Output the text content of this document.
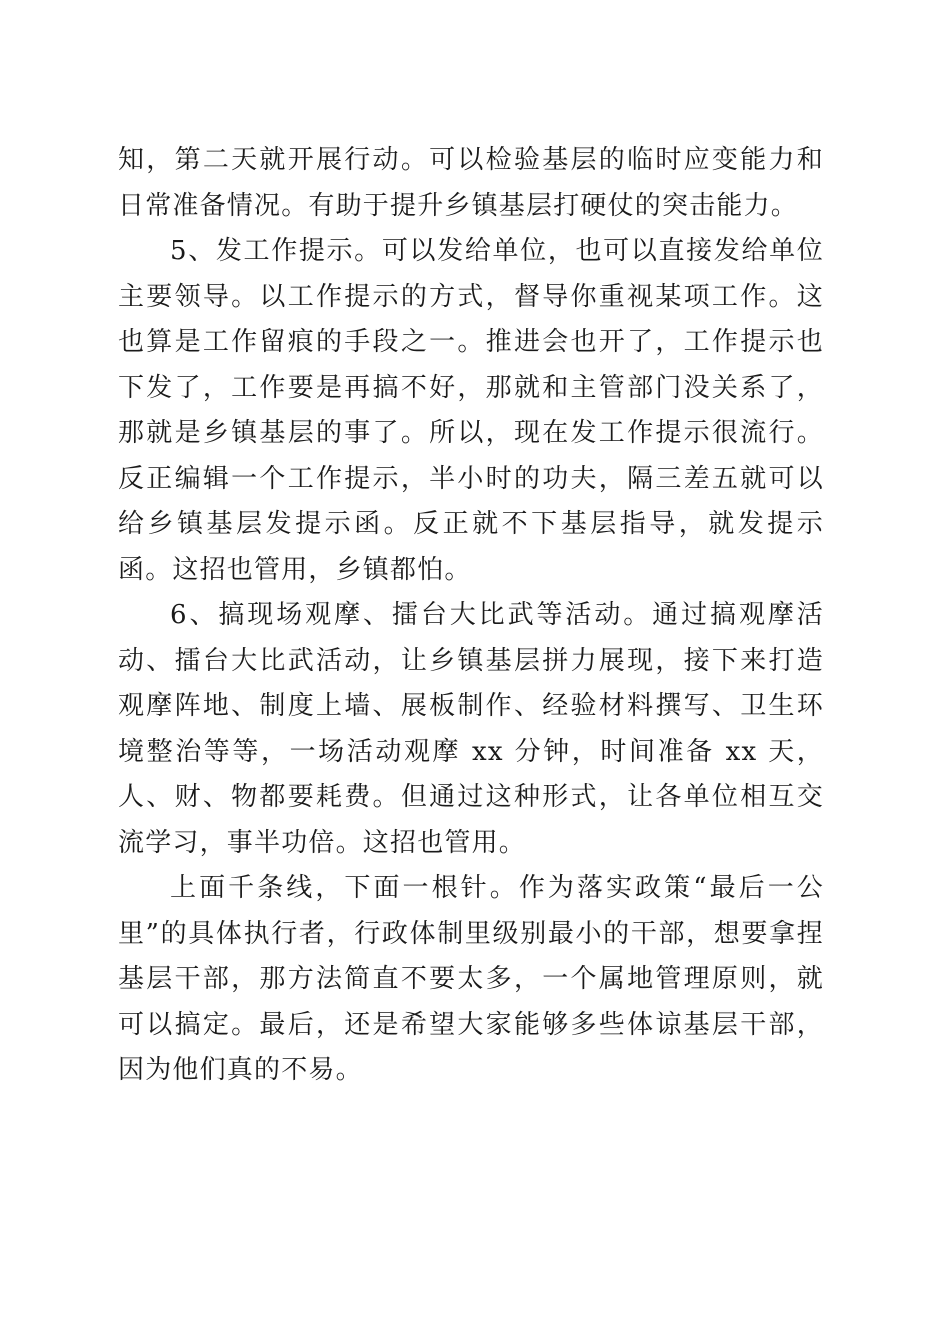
知，第二天就开展行动。可以检验基层的临时应变能力和日常准备情况。有助于提升乡镇基层打硬仗的突击能力。

5、发工作提示。可以发给单位，也可以直接发给单位主要领导。以工作提示的方式，督导你重视某项工作。这也算是工作留痕的手段之一。推进会也开了，工作提示也下发了，工作要是再搞不好，那就和主管部门没关系了，那就是乡镇基层的事了。所以，现在发工作提示很流行。反正编辑一个工作提示，半小时的功夫，隔三差五就可以给乡镇基层发提示函。反正就不下基层指导，就发提示函。这招也管用，乡镇都怕。

6、搞现场观摩、擂台大比武等活动。通过搞观摩活动、擂台大比武活动，让乡镇基层拼力展现，接下来打造观摩阵地、制度上墙、展板制作、经验材料撰写、卫生环境整治等等，一场活动观摩 xx 分钟，时间准备 xx 天，人、财、物都要耗费。但通过这种形式，让各单位相互交流学习，事半功倍。这招也管用。

上面千条线，下面一根针。作为落实政策“最后一公里”的具体执行者，行政体制里级别最小的干部，想要拿捏基层干部，那方法简直不要太多，一个属地管理原则，就可以搞定。最后，还是希望大家能够多些体谅基层干部，因为他们真的不易。
